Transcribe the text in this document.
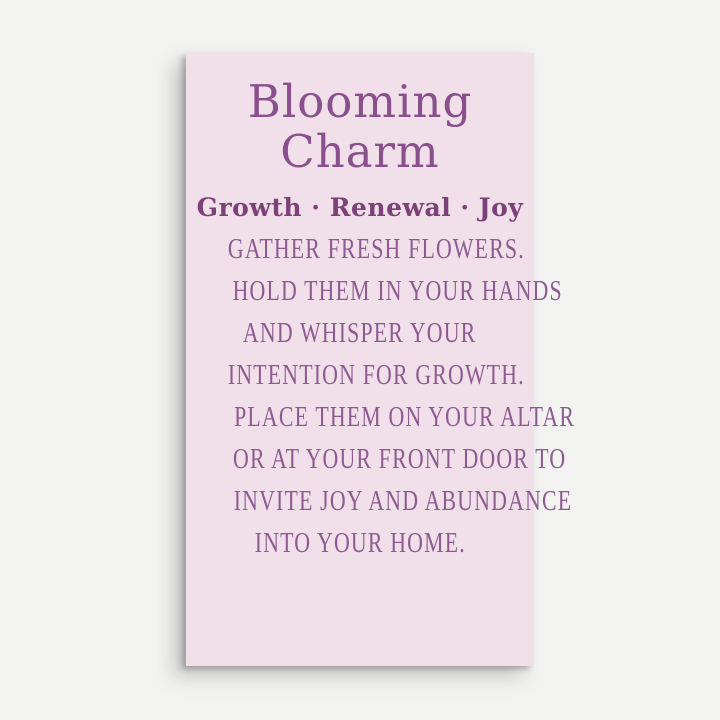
Blooming Charm
Growth · Renewal · Joy
GATHER FRESH FLOWERS.
HOLD THEM IN YOUR HANDS
AND WHISPER YOUR
INTENTION FOR GROWTH.
PLACE THEM ON YOUR ALTAR
OR AT YOUR FRONT DOOR TO
INVITE JOY AND ABUNDANCE
INTO YOUR HOME.
